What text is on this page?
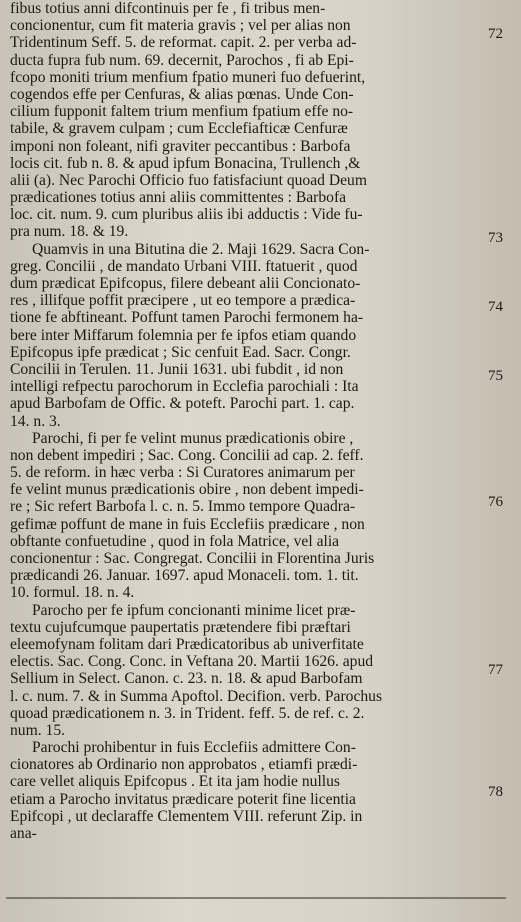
fibus totius anni difcontinuis per fe , fi tribus men-
concionentur, cum fit materia gravis ; vel per alias non
Tridentinum Seff. 5. de reformat. capit. 2. per verba ad-
ducta fupra fub num. 69. decernit, Parochos , fi ab Epi-
fcopo moniti trium menfium fpatio muneri fuo defuerint,
cogendos effe per Cenfuras, & alias pœnas. Unde Con-
cilium fupponit faltem trium menfium fpatium effe no-
tabile, & gravem culpam ; cum Ecclefiafticæ Cenfuræ
imponi non foleant, nifi graviter peccantibus : Barbofa
locis cit. fub n. 8. & apud ipfum Bonacina, Trullench ,&
alii (a). Nec Parochi Officio fuo fatisfaciunt quoad Deum
prædicationes totius anni aliis committentes : Barbofa
loc. cit. num. 9. cum pluribus aliis ibi adductis : Vide fu-
pra num. 18. & 19.
Quamvis in una Bitutina die 2. Maji 1629. Sacra Con-
greg. Concilii , de mandato Urbani VIII. ftatuerit , quod
dum prædicat Epifcopus, filere debeant alii Concionato-
res , illifque poffit præcipere , ut eo tempore a prædica-
tione fe abftineant. Poffunt tamen Parochi fermonem ha-
bere inter Miffarum folemnia per fe ipfos etiam quando
Epifcopus ipfe prædicat ; Sic cenfuit Ead. Sacr. Congr.
Concilii in Terulen. 11. Junii 1631. ubi fubdit , id non
intelligi refpectu parochorum in Ecclefia parochiali : Ita
apud Barbofam de Offic. & poteft. Parochi part. 1. cap.
14. n. 3.
Parochi, fi per fe velint munus prædicationis obire ,
non debent impediri ; Sac. Cong. Concilii ad cap. 2. feff.
5. de reform. in hæc verba : Si Curatores animarum per
fe velint munus prædicationis obire , non debent impedi-
re ; Sic refert Barbofa l. c. n. 5. Immo tempore Quadra-
gefimæ poffunt de mane in fuis Ecclefiis prædicare , non
obftante confuetudine , quod in fola Matrice, vel alia
concionentur : Sac. Congregat. Concilii in Florentina Juris
prædicandi 26. Januar. 1697. apud Monaceli. tom. 1. tit.
10. formul. 18. n. 4.
Parocho per fe ipfum concionanti minime licet præ-
textu cujufcumque paupertatis prætendere fibi præftari
eleemofynam folitam dari Prædicatoribus ab univerfitate
electis. Sac. Cong. Conc. in Veftana 20. Martii 1626. apud
Sellium in Select. Canon. c. 23. n. 18. & apud Barbofam
l. c. num. 7. & in Summa Apoftol. Decifion. verb. Parochus
quoad prædicationem n. 3. in Trident. feff. 5. de ref. c. 2.
num. 15.
Parochi prohibentur in fuis Ecclefiis admittere Con-
cionatores ab Ordinario non approbatos , etiamfi prædi-
care vellet aliquis Epifcopus . Et ita jam hodie nullus
etiam a Parocho invitatus prædicare poterit fine licentia
Epifcopi , ut declaraffe Clementem VIII. referunt Zip. in
ana-
72
73
74
75
76
77
78
